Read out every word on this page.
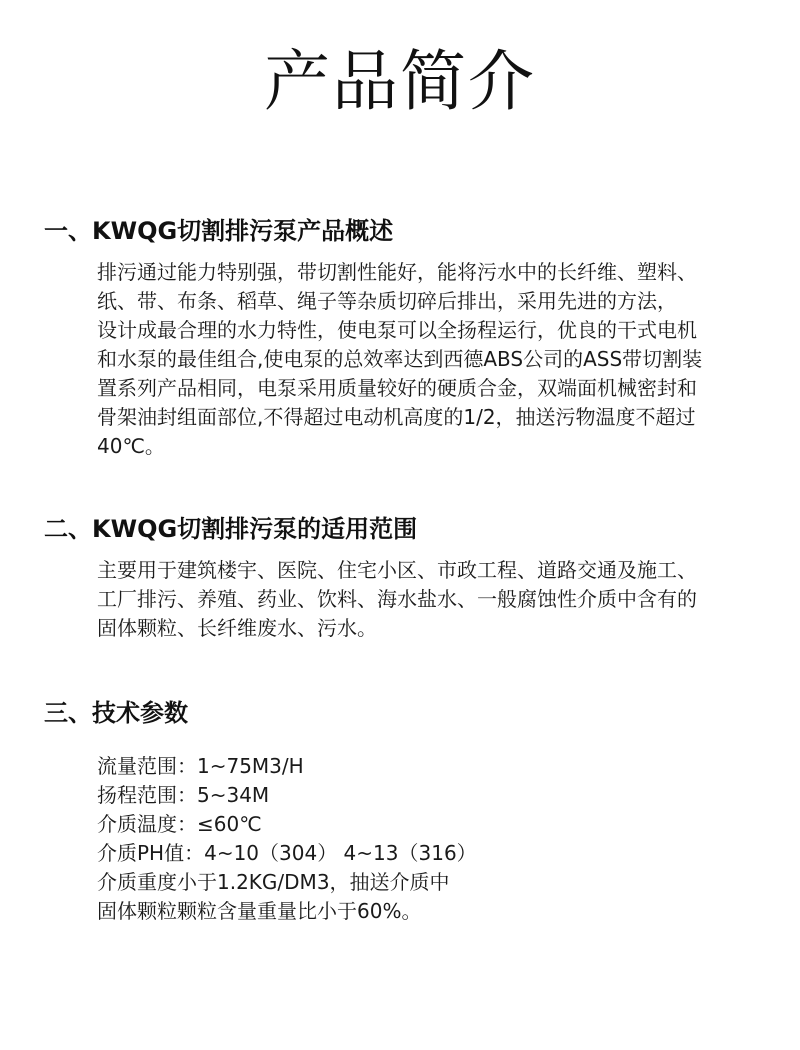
产品简介
一、KWQG切割排污泵产品概述
排污通过能力特别强，带切割性能好，能将污水中的长纤维、塑料、
纸、带、布条、稻草、绳子等杂质切碎后排出，采用先进的方法，
设计成最合理的水力特性，使电泵可以全扬程运行，优良的干式电机
和水泵的最佳组合,使电泵的总效率达到西德ABS公司的ASS带切割装
置系列产品相同，电泵采用质量较好的硬质合金，双端面机械密封和
骨架油封组面部位,不得超过电动机高度的1/2，抽送污物温度不超过
40℃。
二、KWQG切割排污泵的适用范围
主要用于建筑楼宇、医院、住宅小区、市政工程、道路交通及施工、
工厂排污、养殖、药业、饮料、海水盐水、一般腐蚀性介质中含有的
固体颗粒、长纤维废水、污水。
三、技术参数
流量范围：1~75M3/H
扬程范围：5~34M
介质温度：≤60℃
介质PH值：4~10（304） 4~13（316）
介质重度小于1.2KG/DM3，抽送介质中
固体颗粒颗粒含量重量比小于60%。
